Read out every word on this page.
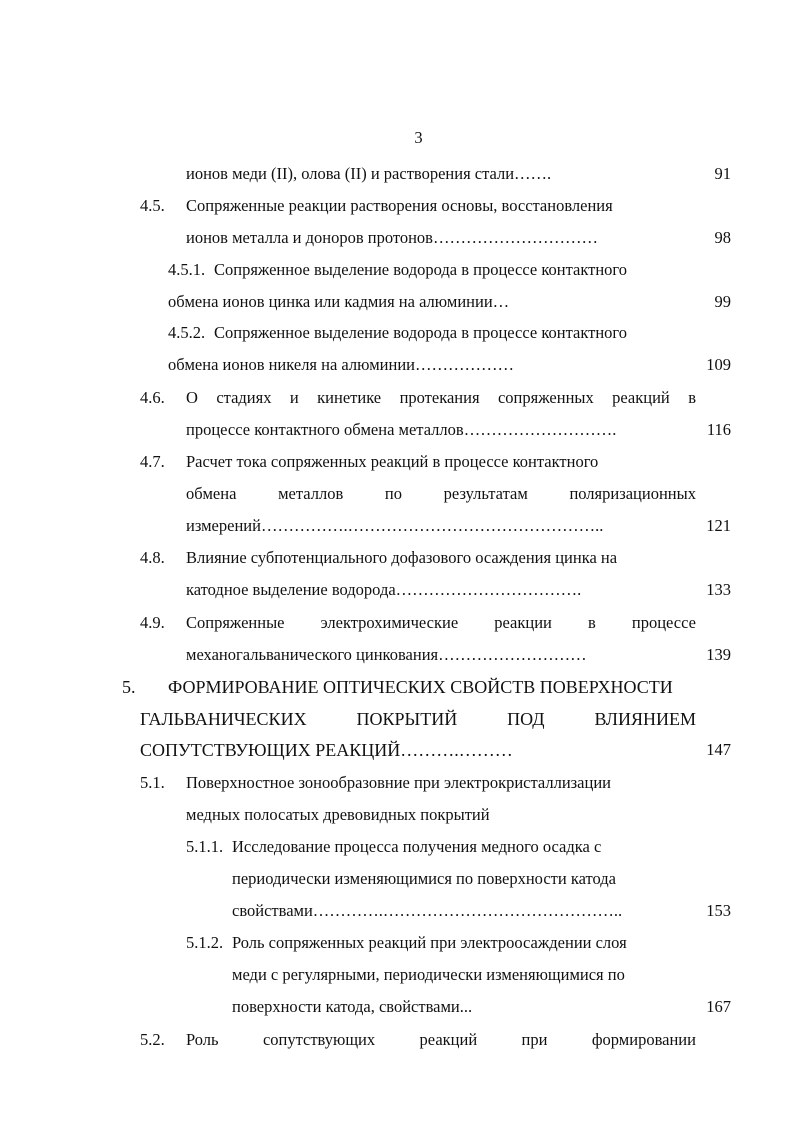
3
ионов меди (II), олова (II) и растворения стали…….	91
4.5. Сопряженные реакции растворения основы, восстановления
ионов металла и доноров протонов…………………………	98
4.5.1. Сопряженное выделение водорода в процессе контактного
обмена ионов цинка или кадмия на алюминии…	99
4.5.2. Сопряженное выделение водорода в процессе контактного
обмена ионов никеля на алюминии………………	109
4.6. О стадиях и кинетике протекания сопряженных реакций в
процессе контактного обмена металлов……………………….	116
4.7. Расчет тока сопряженных реакций в процессе контактного
обмена	металлов	по	результатам	поляризационных
измерений…………….………………………………………..	121
4.8. Влияние субпотенциального дофазового осаждения цинка на
катодное выделение водорода…………………………….	133
4.9. Сопряженные электрохимические реакции в процессе
механогальванического цинкования………………………	139
5. ФОРМИРОВАНИЕ ОПТИЧЕСКИХ СВОЙСТВ ПОВЕРХНОСТИ
ГАЛЬВАНИЧЕСКИХ	ПОКРЫТИЙ	ПОД	ВЛИЯНИЕМ
СОПУТСТВУЮЩИХ РЕАКЦИЙ……….………	147
5.1. Поверхностное зонообразовние при электрокристаллизации
медных полосатых древовидных покрытий
5.1.1. Исследование процесса получения медного осадка с
периодически изменяющимися по поверхности катода
свойствами………….……………………………………..	153
5.1.2. Роль сопряженных реакций при электроосаждении слоя
меди с регулярными, периодически изменяющимися по
поверхности катода, свойствами...	167
5.2. Роль	сопутствующих	реакций	при	формировании
